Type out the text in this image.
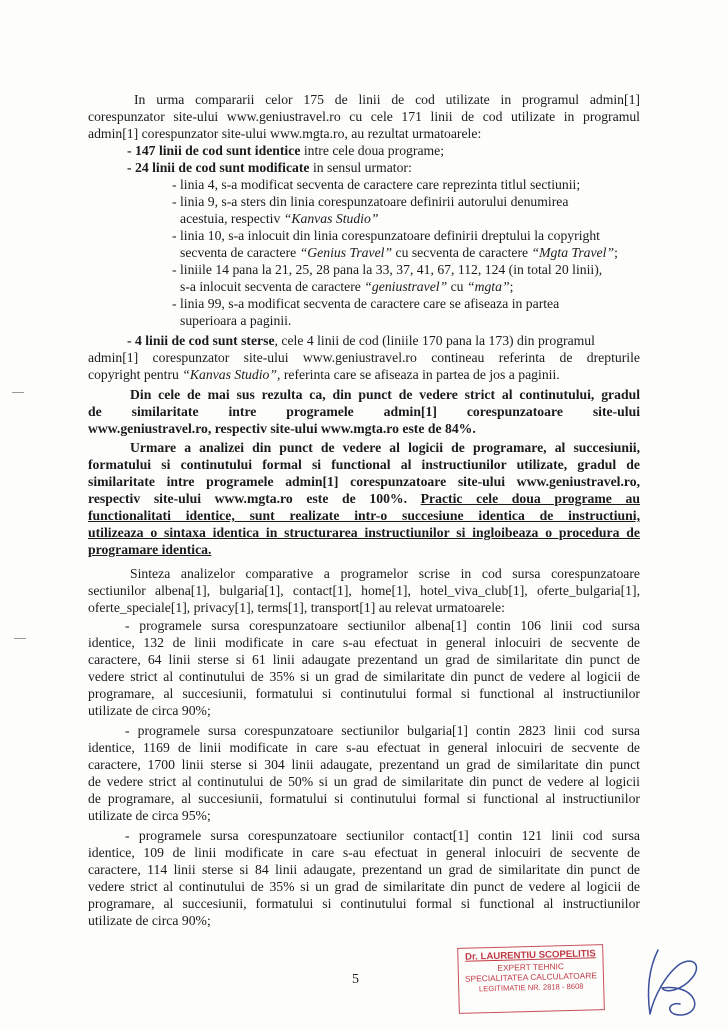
In urma compararii celor 175 de linii de cod utilizate in programul admin[1]

corespunzator site-ului www.geniustravel.ro cu cele 171 linii de cod utilizate in programul

admin[1] corespunzator site-ului www.mgta.ro, au rezultat urmatoarele:

- 147 linii de cod sunt identice intre cele doua programe;

- 24 linii de cod sunt modificate in sensul urmator:

- linia 4, s-a modificat secventa de caractere care reprezinta titlul sectiunii;

- linia 9, s-a sters din linia corespunzatoare definirii autorului denumirea

acestuia, respectiv “Kanvas Studio”

- linia 10, s-a inlocuit din linia corespunzatoare definirii dreptului la copyright

secventa de caractere “Genius Travel” cu secventa de caractere “Mgta Travel”;

- liniile 14 pana la 21, 25, 28 pana la 33, 37, 41, 67, 112, 124 (in total 20 linii),

s-a inlocuit secventa de caractere “geniustravel” cu “mgta”;

- linia 99, s-a modificat secventa de caractere care se afiseaza in partea

superioara a paginii.

- 4 linii de cod sunt sterse, cele 4 linii de cod (liniile 170 pana la 173) din programul

admin[1] corespunzator site-ului www.geniustravel.ro contineau referinta de drepturile

copyright pentru “Kanvas Studio”, referinta care se afiseaza in partea de jos a paginii.

Din cele de mai sus rezulta ca, din punct de vedere strict al continutului, gradul

de similaritate intre programele admin[1] corespunzatoare site-ului

www.geniustravel.ro, respectiv site-ului www.mgta.ro este de 84%.

Urmare a analizei din punct de vedere al logicii de programare, al succesiunii,

formatului si continutului formal si functional al instructiunilor utilizate, gradul de

similaritate intre programele admin[1] corespunzatoare site-ului www.geniustravel.ro,

respectiv site-ului www.mgta.ro este de 100%. Practic cele doua programe au

functionalitati identice, sunt realizate intr-o succesiune identica de instructiuni,

utilizeaza o sintaxa identica in structurarea instructiunilor si ingloibeaza o procedura de

programare identica.

Sinteza analizelor comparative a programelor scrise in cod sursa corespunzatoare

sectiunilor albena[1], bulgaria[1], contact[1], home[1], hotel_viva_club[1], oferte_bulgaria[1],

oferte_speciale[1], privacy[1], terms[1], transport[1] au relevat urmatoarele:

- programele sursa corespunzatoare sectiunilor albena[1] contin 106 linii cod sursa

identice, 132 de linii modificate in care s-au efectuat in general inlocuiri de secvente de

caractere, 64 linii sterse si 61 linii adaugate prezentand un grad de similaritate din punct de

vedere strict al continutului de 35% si un grad de similaritate din punct de vedere al logicii de

programare, al succesiunii, formatului si continutului formal si functional al instructiunilor

utilizate de circa 90%;

- programele sursa corespunzatoare sectiunilor bulgaria[1] contin 2823 linii cod sursa

identice, 1169 de linii modificate in care s-au efectuat in general inlocuiri de secvente de

caractere, 1700 linii sterse si 304 linii adaugate, prezentand un grad de similaritate din punct

de vedere strict al continutului de 50% si un grad de similaritate din punct de vedere al logicii

de programare, al succesiunii, formatului si continutului formal si functional al instructiunilor

utilizate de circa 95%;

- programele sursa corespunzatoare sectiunilor contact[1] contin 121 linii cod sursa

identice, 109 de linii modificate in care s-au efectuat in general inlocuiri de secvente de

caractere, 114 linii sterse si 84 linii adaugate, prezentand un grad de similaritate din punct de

vedere strict al continutului de 35% si un grad de similaritate din punct de vedere al logicii de

programare, al succesiunii, formatului si continutului formal si functional al instructiunilor

utilizate de circa 90%;

5
Dr. LAURENTIU SCOPELITIS
EXPERT TEHNIC
SPECIALITATEA CALCULATOARE
LEGITIMATIE NR. 2818 - 8608
